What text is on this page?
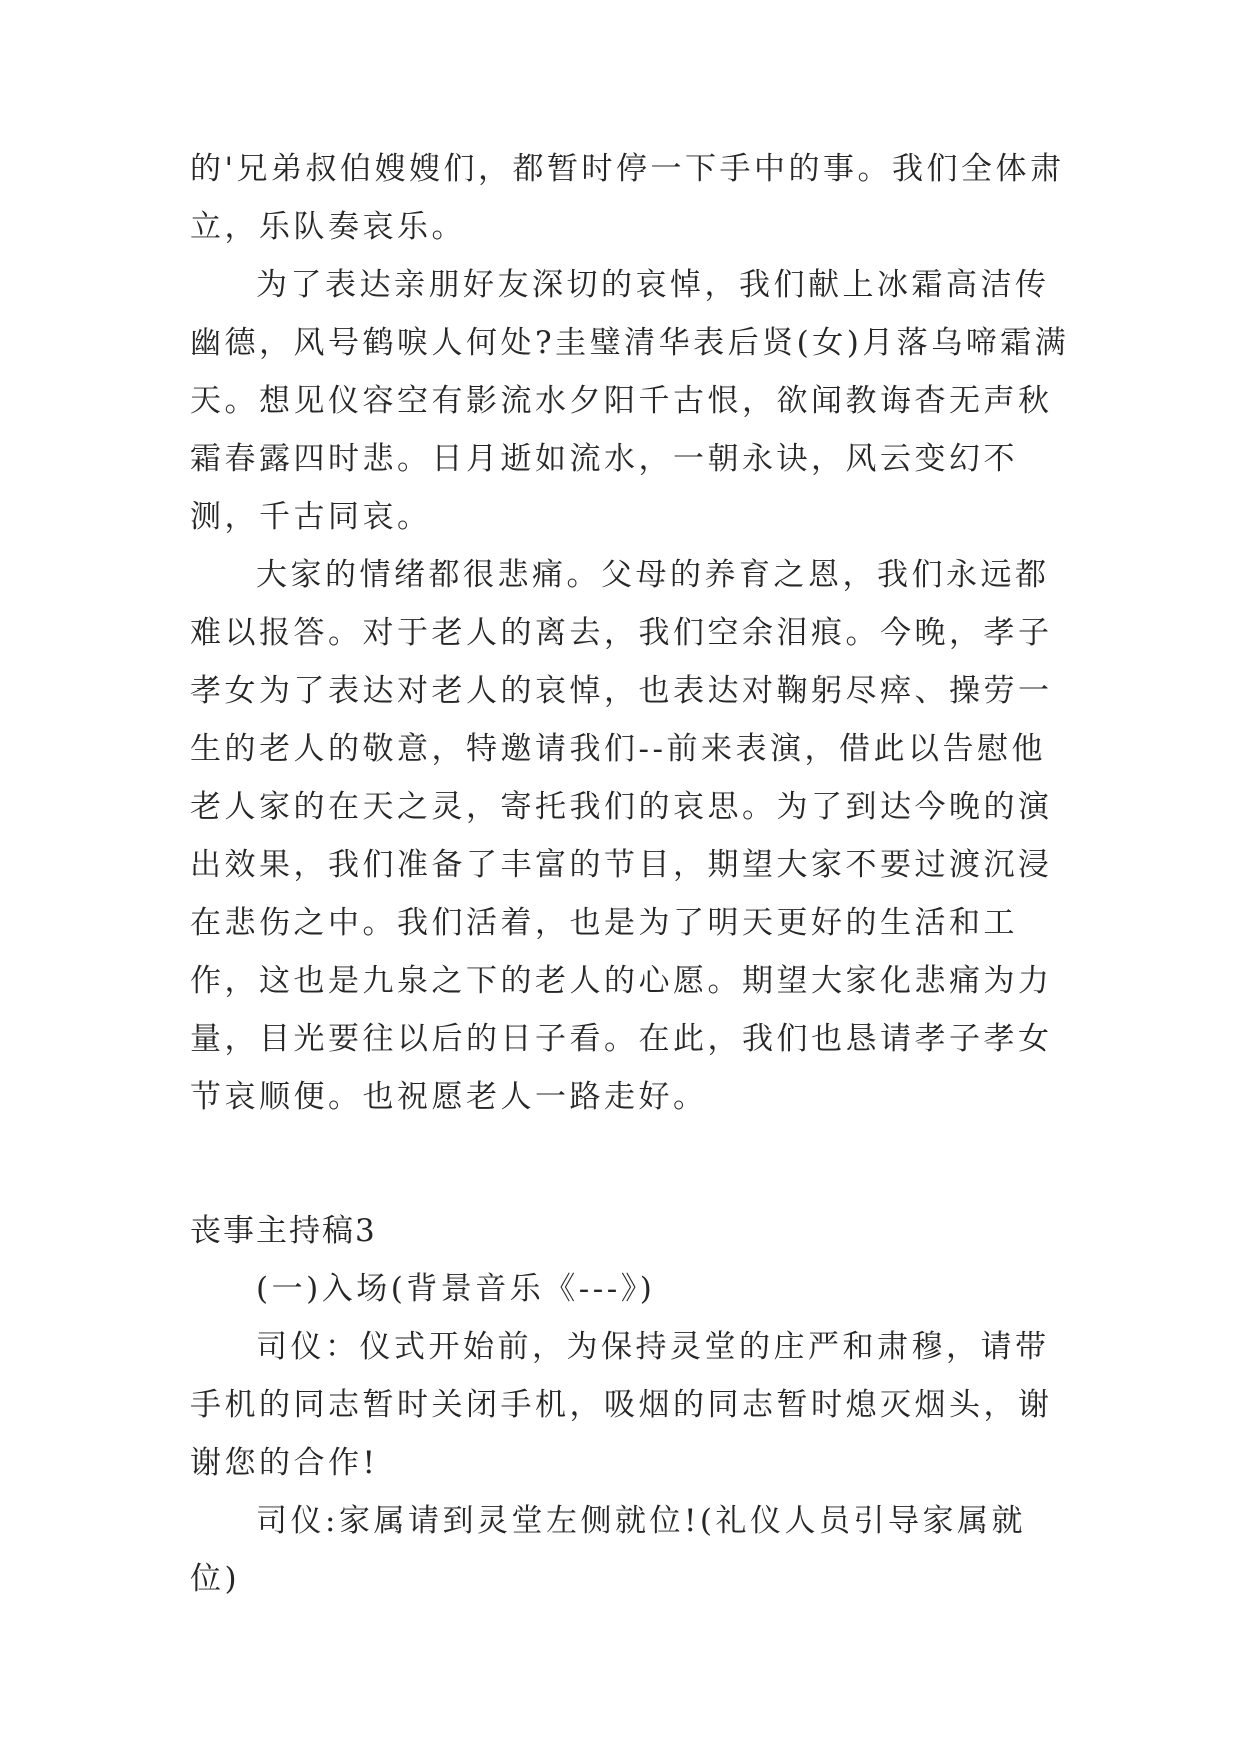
的'兄弟叔伯嫂嫂们，都暂时停一下手中的事。我们全体肃立，乐队奏哀乐。

为了表达亲朋好友深切的哀悼，我们献上冰霜高洁传幽德，风号鹤唳人何处?圭璧清华表后贤(女)月落乌啼霜满天。想见仪容空有影流水夕阳千古恨，欲闻教诲杳无声秋霜春露四时悲。日月逝如流水，一朝永诀，风云变幻不测，千古同哀。

大家的情绪都很悲痛。父母的养育之恩，我们永远都难以报答。对于老人的离去，我们空余泪痕。今晚，孝子孝女为了表达对老人的哀悼，也表达对鞠躬尽瘁、操劳一生的老人的敬意，特邀请我们--前来表演，借此以告慰他老人家的在天之灵，寄托我们的哀思。为了到达今晚的演出效果，我们准备了丰富的节目，期望大家不要过渡沉浸在悲伤之中。我们活着，也是为了明天更好的生活和工作，这也是九泉之下的老人的心愿。期望大家化悲痛为力量，目光要往以后的日子看。在此，我们也恳请孝子孝女节哀顺便。也祝愿老人一路走好。

丧事主持稿3

(一)入场(背景音乐《---》)

司仪：仪式开始前，为保持灵堂的庄严和肃穆，请带手机的同志暂时关闭手机，吸烟的同志暂时熄灭烟头，谢谢您的合作!

司仪:家属请到灵堂左侧就位!(礼仪人员引导家属就位)
